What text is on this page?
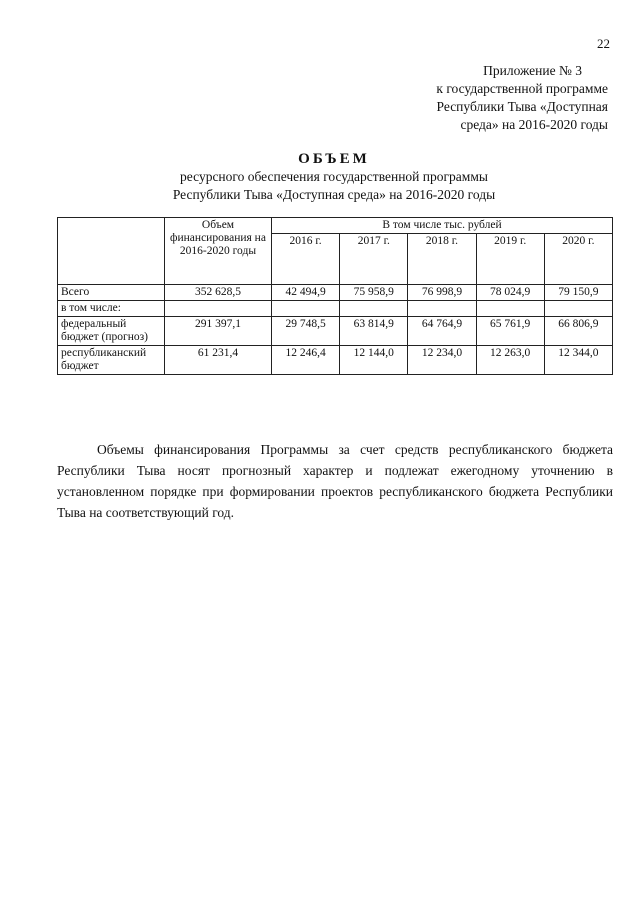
22
Приложение № 3
к государственной программе
Республики Тыва «Доступная
среда» на 2016-2020 годы
ОБЪЕМ
ресурсного обеспечения государственной программы
Республики Тыва «Доступная среда» на 2016-2020 годы
	Объем финансирования на 2016-2020 годы	В том числе тыс. рублей				
		2016 г.	2017 г.	2018 г.	2019 г.	2020 г.
Всего	352 628,5	42 494,9	75 958,9	76 998,9	78 024,9	79 150,9
в том числе:						
федеральный бюджет (прогноз)	291 397,1	29 748,5	63 814,9	64 764,9	65 761,9	66 806,9
республиканский бюджет	61 231,4	12 246,4	12 144,0	12 234,0	12 263,0	12 344,0

Объемы финансирования Программы за счет средств республиканского бюджета Республики Тыва носят прогнозный характер и подлежат ежегодному уточнению в установленном порядке при формировании проектов республиканского бюджета Республики Тыва на соответствующий год.
